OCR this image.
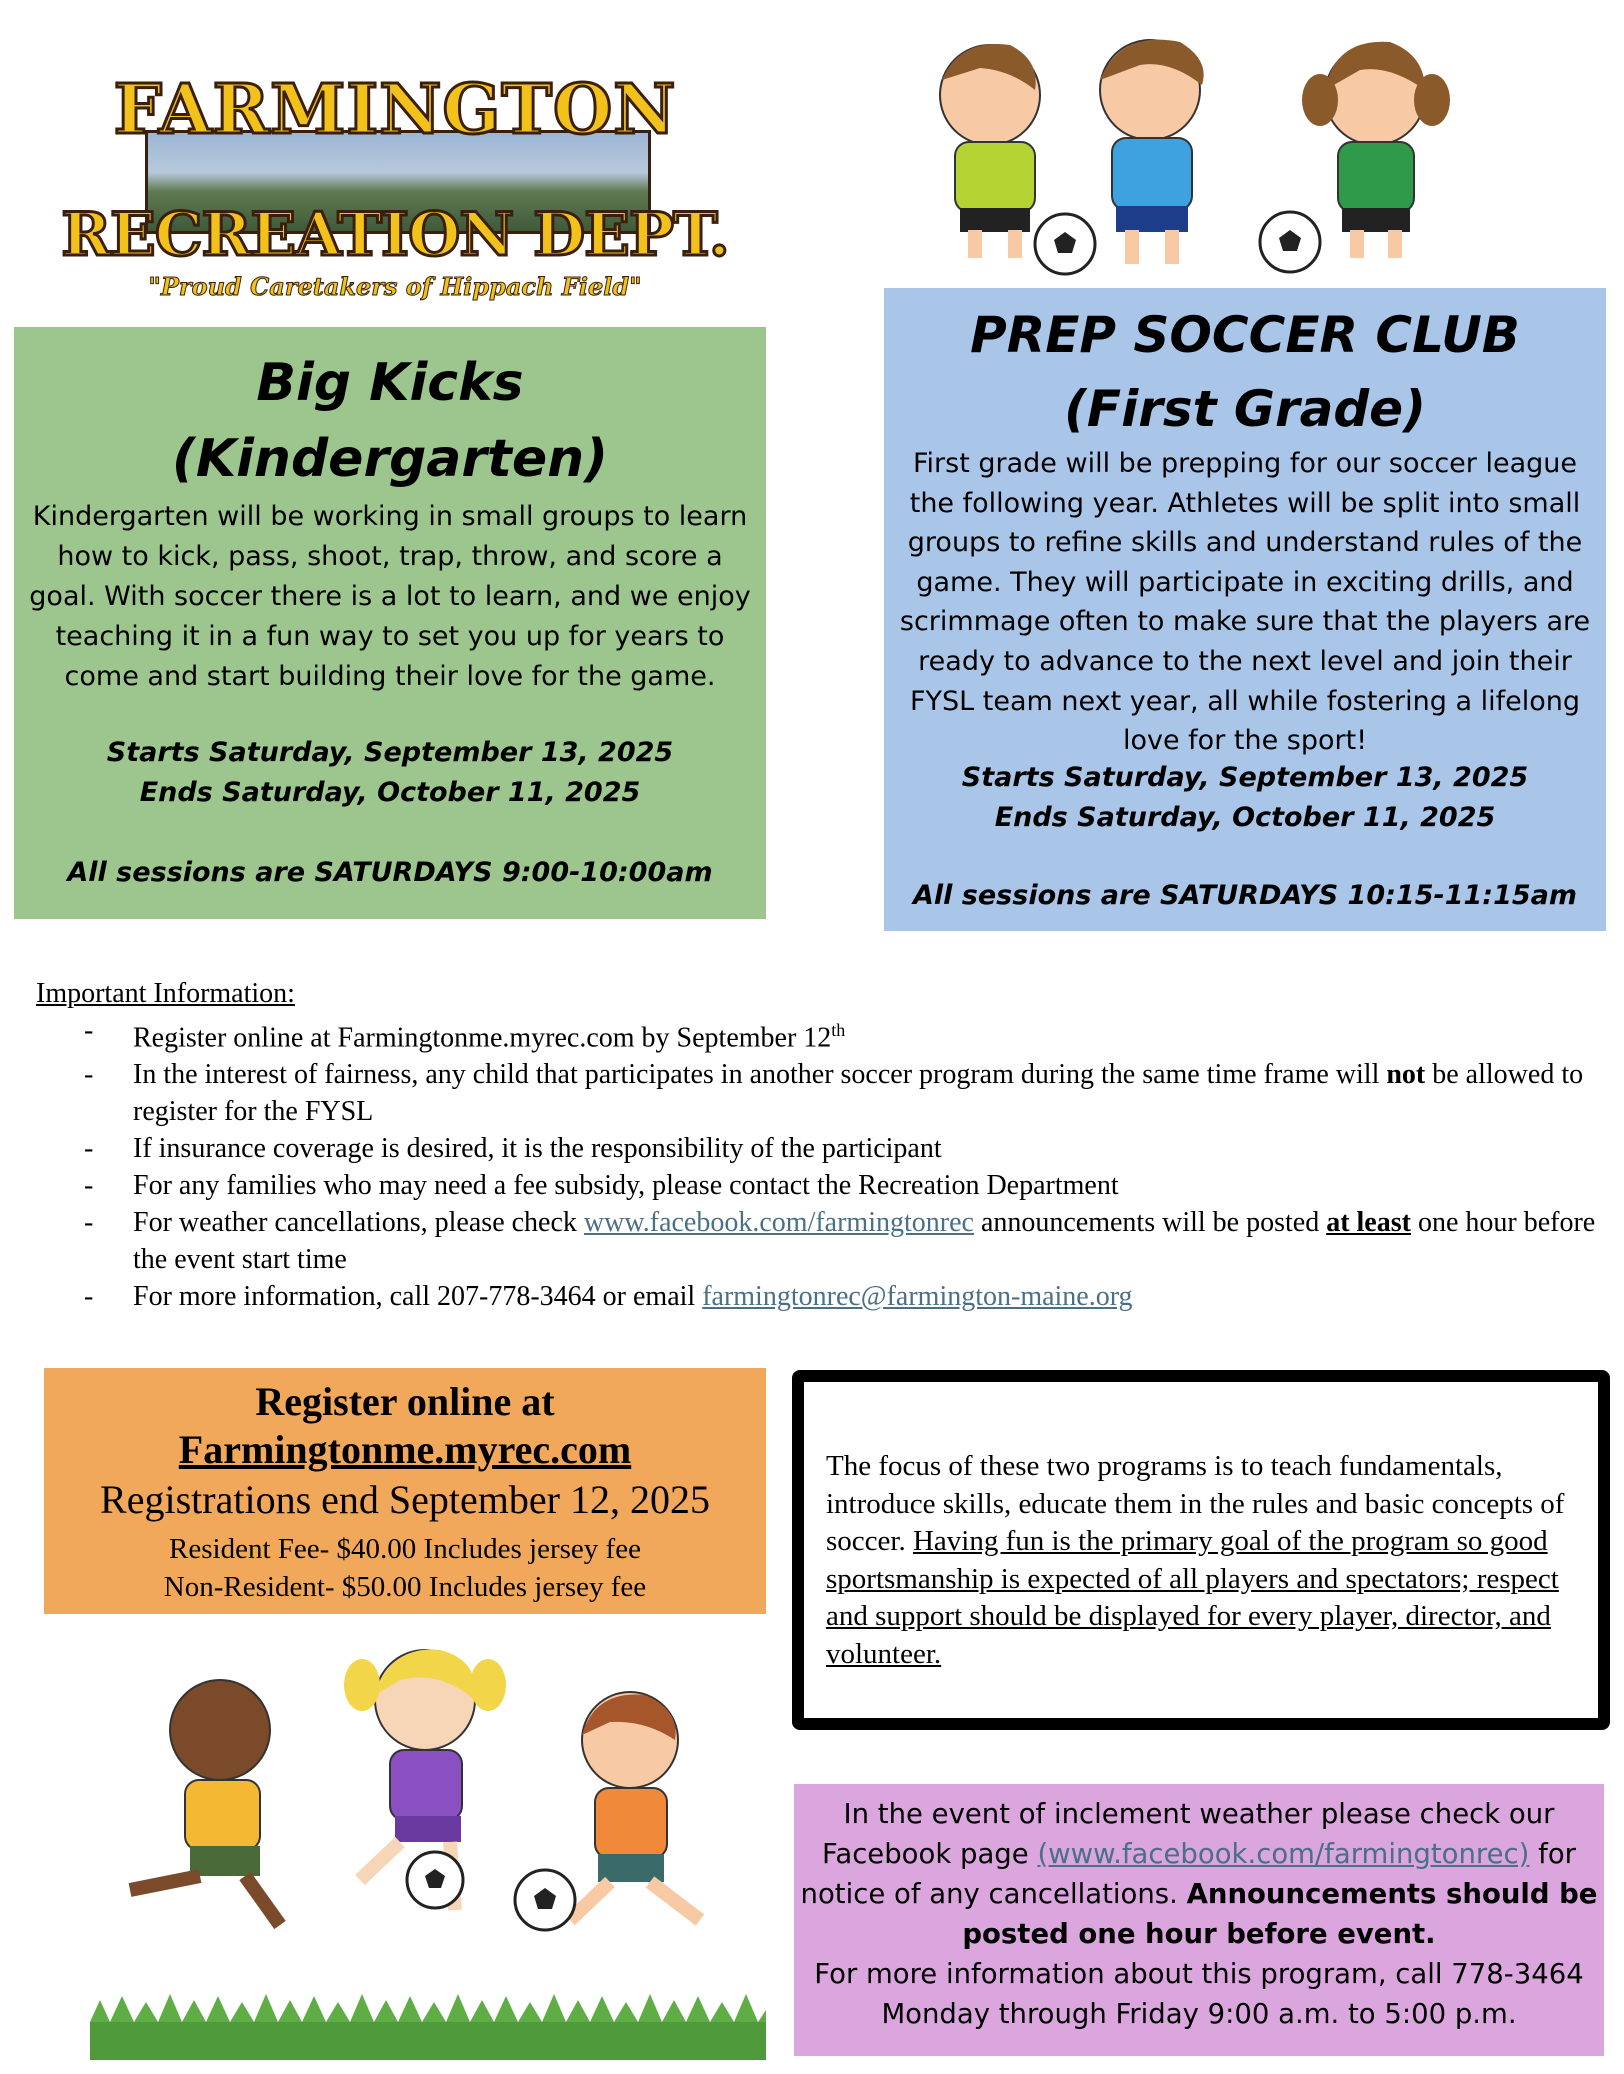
FARMINGTON
RECREATION DEPT.
"Proud Caretakers of Hippach Field"
Big Kicks
(Kindergarten)
Kindergarten will be working in small groups to learn how to kick, pass, shoot, trap, throw, and score a goal. With soccer there is a lot to learn, and we enjoy teaching it in a fun way to set you up for years to come and start building their love for the game.
Starts Saturday, September 13, 2025
Ends Saturday, October 11, 2025
All sessions are SATURDAYS 9:00-10:00am
PREP SOCCER CLUB
(First Grade)
First grade will be prepping for our soccer league the following year. Athletes will be split into small groups to refine skills and understand rules of the game. They will participate in exciting drills, and scrimmage often to make sure that the players are ready to advance to the next level and join their FYSL team next year, all while fostering a lifelong love for the sport!
Starts Saturday, September 13, 2025
Ends Saturday, October 11, 2025
All sessions are SATURDAYS 10:15-11:15am
Important Information:
- Register online at Farmingtonme.myrec.com by September 12th
- In the interest of fairness, any child that participates in another soccer program during the same time frame will not be allowed to register for the FYSL
- If insurance coverage is desired, it is the responsibility of the participant
- For any families who may need a fee subsidy, please contact the Recreation Department
- For weather cancellations, please check www.facebook.com/farmingtonrec announcements will be posted at least one hour before the event start time
- For more information, call 207-778-3464 or email farmingtonrec@farmington-maine.org
Register online at
Farmingtonme.myrec.com
Registrations end September 12, 2025
Resident Fee- $40.00 Includes jersey fee
Non-Resident- $50.00 Includes jersey fee
The focus of these two programs is to teach fundamentals, introduce skills, educate them in the rules and basic concepts of soccer. Having fun is the primary goal of the program so good sportsmanship is expected of all players and spectators; respect and support should be displayed for every player, director, and volunteer.
In the event of inclement weather please check our Facebook page (www.facebook.com/farmingtonrec) for notice of any cancellations. Announcements should be posted one hour before event.
For more information about this program, call 778-3464
Monday through Friday 9:00 a.m. to 5:00 p.m.
